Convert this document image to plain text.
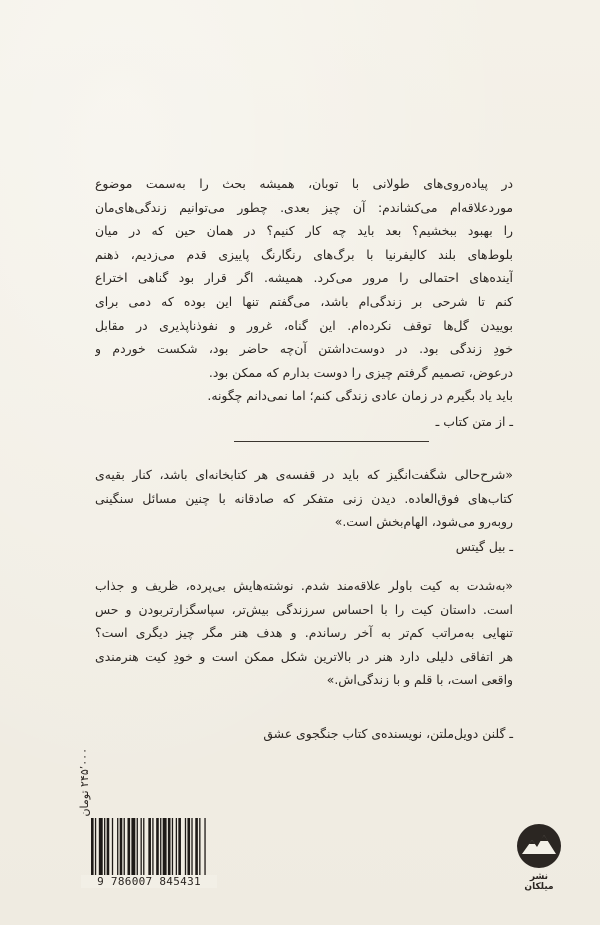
در پیاده‌روی‌های طولانی با توبان، همیشه بحث را به‌سمت موضوع
موردعلاقه‌ام می‌کشاندم: آن چیز بعدی. چطور می‌توانیم زندگی‌های‌مان
را بهبود ببخشیم؟ بعد باید چه کار کنیم؟ در همان حین که در میان
بلوط‌های بلند کالیفرنیا با برگ‌های رنگارنگ پاییزی قدم می‌زدیم، ذهنم
آینده‌های احتمالی را مرور می‌کرد. همیشه. اگر قرار بود گناهی اختراع
کنم تا شرحی بر زندگی‌ام باشد، می‌گفتم تنها این بوده که دمی برای
بوییدن گل‌ها توقف نکرده‌ام. این گناه، غرور و نفوذناپذیری در مقابل
خودِ زندگی بود. در دوست‌داشتن آن‌چه حاضر بود، شکست خوردم و
درعوض، تصمیم گرفتم چیزی را دوست بدارم که ممکن بود.
باید یاد بگیرم در زمان عادی زندگی کنم؛ اما نمی‌دانم چگونه.
ـ از متن کتاب ـ
«شرح‌حالی شگفت‌انگیز که باید در قفسه‌ی هر کتابخانه‌ای باشد، کنار بقیه‌ی
کتاب‌های فوق‌العاده. دیدن زنی متفکر که صادقانه با چنین مسائل سنگینی
روبه‌رو می‌شود، الهام‌بخش است.»
ـ بیل گیتس
«به‌شدت به کیت باولر علاقه‌مند شدم. نوشته‌هایش بی‌پرده، ظریف و جذاب
است. داستان کیت را با احساس سرزندگی بیش‌تر، سپاسگزارتربودن و حس
تنهایی به‌مراتب کم‌تر به آخر رساندم. و هدف هنر مگر چیز دیگری است؟
هر اتفاقی دلیلی دارد هنر در بالاترین شکل ممکن است و خودِ کیت هنرمندی
واقعی است، با قلم و با زندگی‌اش.»
ـ گلنن دویل‌ملتن، نویسنده‌ی کتاب جنگجوی عشق
۲۴۵٬۰۰۰ تومان
9 786007 845431	نشر میلکان
